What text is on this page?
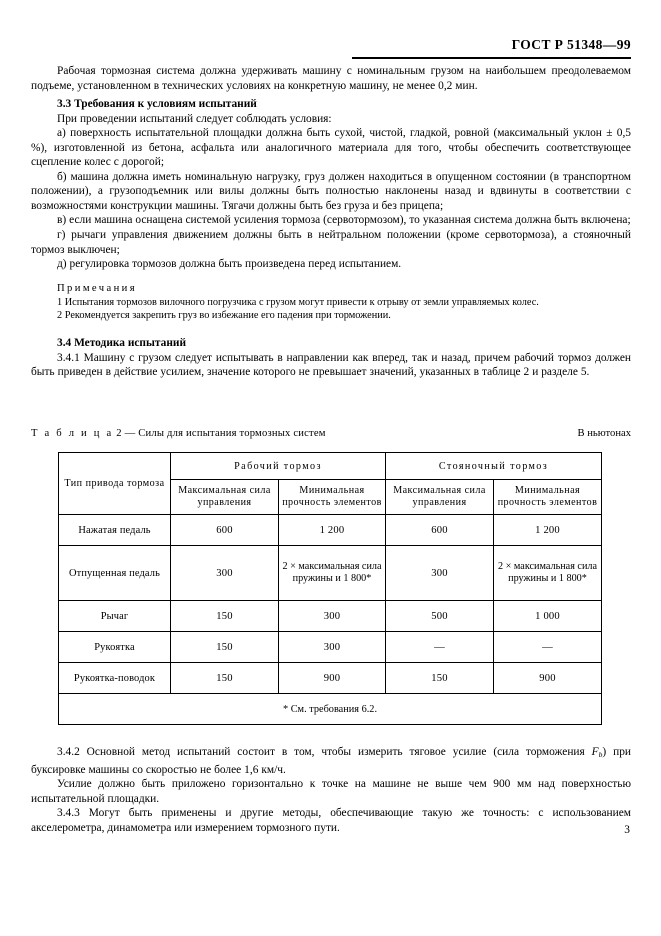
ГОСТ Р 51348—99

Рабочая тормозная система должна удерживать машину с номинальным грузом на наибольшем преодолеваемом подъеме, установленном в технических условиях на конкретную машину, не менее 0,2 мин.

3.3 Требования к условиям испытаний

При проведении испытаний следует соблюдать условия:

а) поверхность испытательной площадки должна быть сухой, чистой, гладкой, ровной (максимальный уклон ± 0,5 %), изготовленной из бетона, асфальта или аналогичного материала для того, чтобы обеспечить соответствующее сцепление колес с дорогой;

б) машина должна иметь номинальную нагрузку, груз должен находиться в опущенном состоянии (в транспортном положении), а грузоподъемник или вилы должны быть полностью наклонены назад и вдвинуты в соответствии с возможностями конструкции машины. Тягачи должны быть без груза и без прицепа;

в) если машина оснащена системой усиления тормоза (сервотормозом), то указанная система должна быть включена;

г) рычаги управления движением должны быть в нейтральном положении (кроме сервотормоза), а стояночный тормоз выключен;

д) регулировка тормозов должна быть произведена перед испытанием.

Примечания

1 Испытания тормозов вилочного погрузчика с грузом могут привести к отрыву от земли управляемых колес.

2 Рекомендуется закрепить груз во избежание его падения при торможении.

3.4 Методика испытаний

3.4.1 Машину с грузом следует испытывать в направлении как вперед, так и назад, причем рабочий тормоз должен быть приведен в действие усилием, значение которого не превышает значений, указанных в таблице 2 и разделе 5.

Т а б л и ц а 2 — Силы для испытания тормозных систем	В ньютонах
Тип привода тормоза	Рабочий тормоз		Стояночный тормоз	
	Максимальная сила управления	Минимальная прочность элементов	Максимальная сила управления	Минимальная прочность элементов
Нажатая педаль	600	1 200	600	1 200
Отпущенная педаль	300	2 × максимальная сила пружины и 1 800*	300	2 × максимальная сила пружины и 1 800*
Рычаг	150	300	500	1 000
Рукоятка	150	300	—	—
Рукоятка-поводок	150	900	150	900
* См. требования 6.2.				

3.4.2 Основной метод испытаний состоит в том, чтобы измерить тяговое усилие (сила торможения $F_b$) при буксировке машины со скоростью не более 1,6 км/ч.

Усилие должно быть приложено горизонтально к точке на машине не выше чем 900 мм над поверхностью испытательной площадки.

3.4.3 Могут быть применены и другие методы, обеспечивающие такую же точность: с использованием акселерометра, динамометра или измерением тормозного пути.	3
